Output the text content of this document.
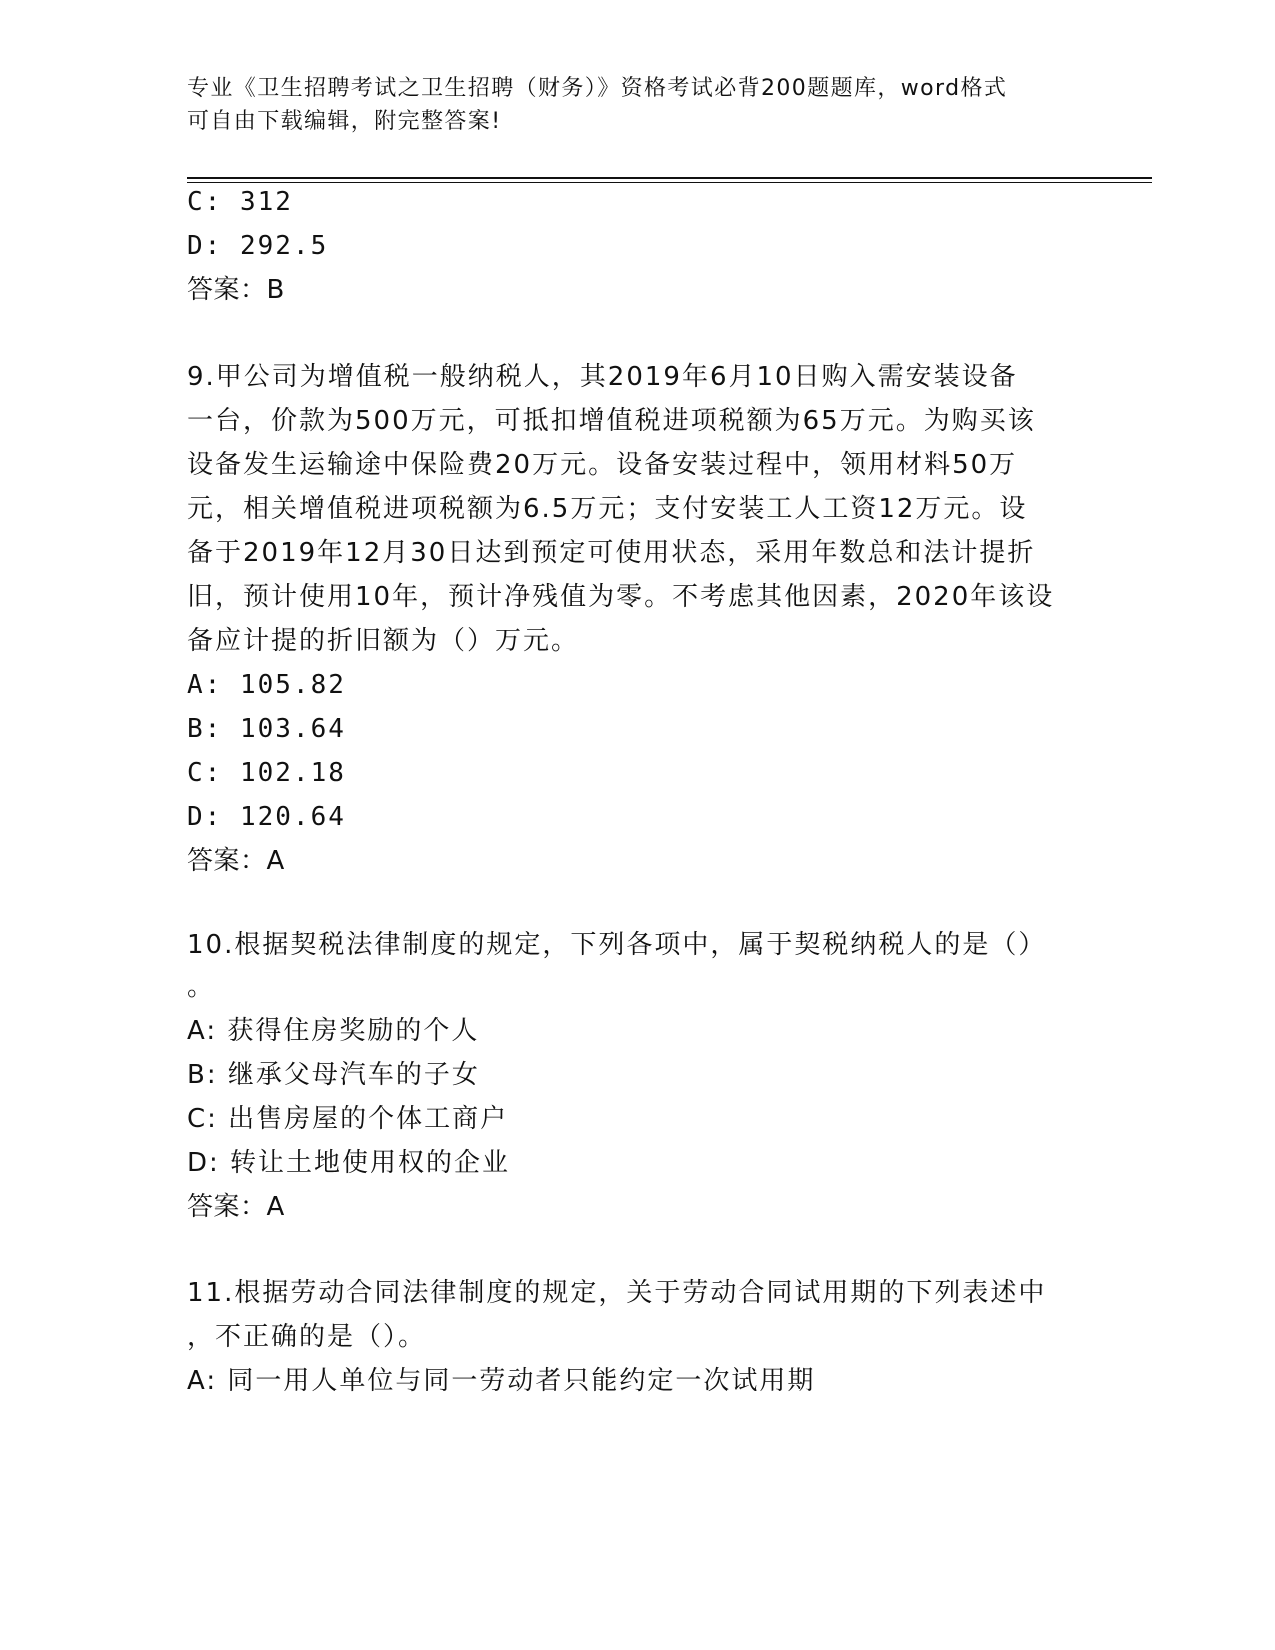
专业《卫生招聘考试之卫生招聘（财务）》资格考试必背200题题库，word格式
可自由下载编辑，附完整答案!
C: 312
D: 292.5
答案：B
9.甲公司为增值税一般纳税人，其2019年6月10日购入需安装设备
一台，价款为500万元，可抵扣增值税进项税额为65万元。为购买该
设备发生运输途中保险费20万元。设备安装过程中，领用材料50万
元，相关增值税进项税额为6.5万元；支付安装工人工资12万元。设
备于2019年12月30日达到预定可使用状态，采用年数总和法计提折
旧，预计使用10年，预计净残值为零。不考虑其他因素，2020年该设
备应计提的折旧额为（）万元。
A: 105.82
B: 103.64
C: 102.18
D: 120.64
答案：A
10.根据契税法律制度的规定，下列各项中，属于契税纳税人的是（）
。
A: 获得住房奖励的个人
B: 继承父母汽车的子女
C: 出售房屋的个体工商户
D: 转让土地使用权的企业
答案：A
11.根据劳动合同法律制度的规定，关于劳动合同试用期的下列表述中
，不正确的是（）。
A: 同一用人单位与同一劳动者只能约定一次试用期
